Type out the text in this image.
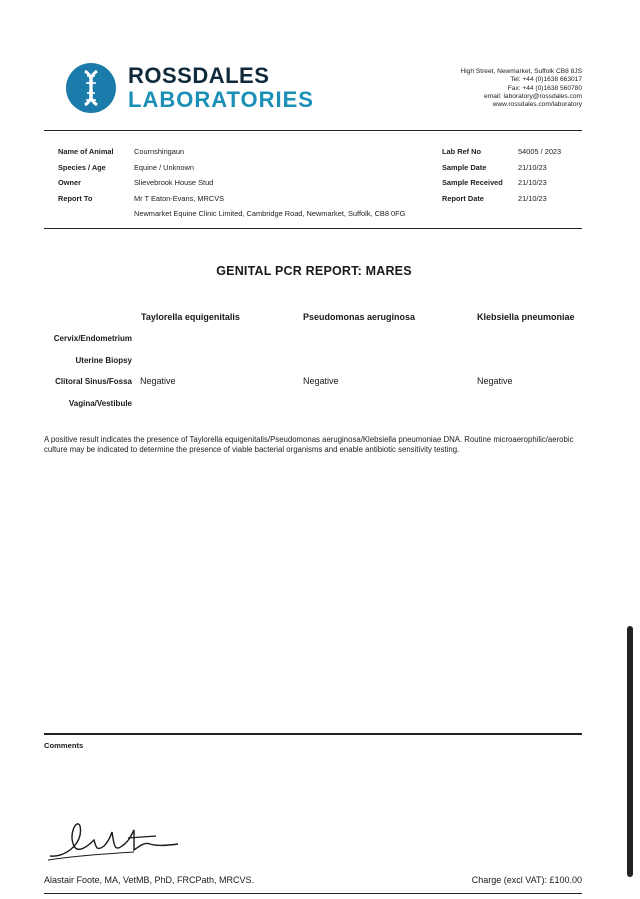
ROSSDALES
LABORATORIES
High Street, Newmarket, Suffolk CB8 8JS
Tel: +44 (0)1638 663017
Fax: +44 (0)1638 560780
email: laboratory@rossdales.com
www.rossdales.com/laboratory
Name of Animal	Cournshingaun
Species / Age	Equine / Unknown
Owner	Slievebrook House Stud
Report To	Mr T Eaton-Evans, MRCVS
Newmarket Equine Clinic Limited, Cambridge Road, Newmarket, Suffolk, CB8 0FG
Lab Ref No	54005 / 2023
Sample Date	21/10/23
Sample Received 21/10/23
Report Date	21/10/23
GENITAL PCR REPORT: MARES
Taylorella equigenitalis	Pseudomonas aeruginosa	Klebsiella pneumoniae
Cervix/Endometrium
Uterine Biopsy
Clitoral Sinus/Fossa Negative	Negative	Negative
Vagina/Vestibule
A positive result indicates the presence of Taylorella equigenitalis/Pseudomonas aeruginosa/Klebsiella pneumoniae DNA. Routine microaerophilic/aerobic culture may be indicated to determine the presence of viable bacterial organisms and enable antibiotic sensitivity testing.
Comments
Alastair Foote, MA, VetMB, PhD, FRCPath, MRCVS.	Charge (excl VAT): £100.00
